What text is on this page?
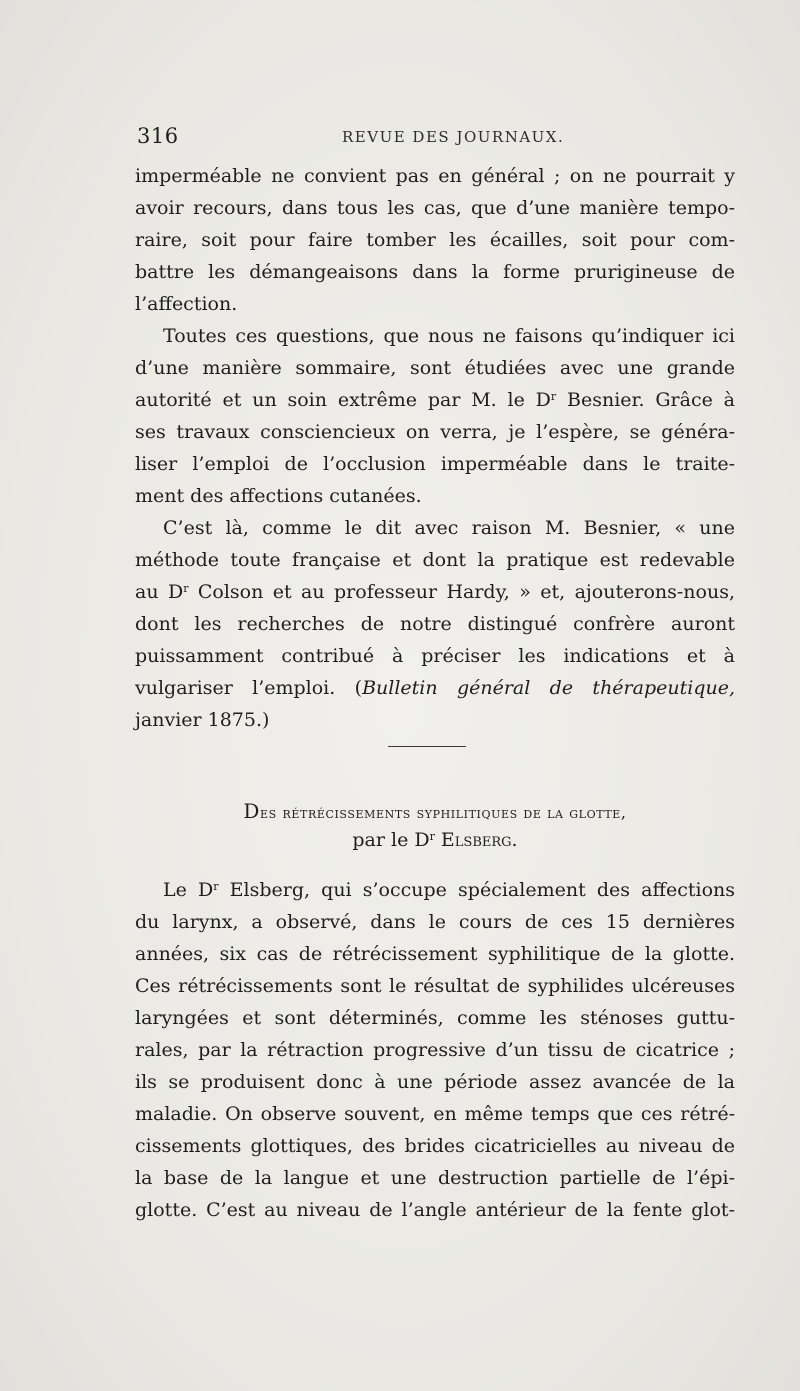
316	REVUE DES JOURNAUX.
imperméable ne convient pas en général ; on ne pourrait y
avoir recours, dans tous les cas, que d’une manière tempo-
raire, soit pour faire tomber les écailles, soit pour com-
battre les démangeaisons dans la forme prurigineuse de
l’affection.
Toutes ces questions, que nous ne faisons qu’indiquer ici
d’une manière sommaire, sont étudiées avec une grande
autorité et un soin extrême par M. le $D^r$ Besnier. Grâce à
ses travaux consciencieux on verra, je l’espère, se généra-
liser l’emploi de l’occlusion imperméable dans le traite-
ment des affections cutanées.
C’est là, comme le dit avec raison M. Besnier, « une
méthode toute française et dont la pratique est redevable
au $D^r$ Colson et au professeur Hardy, » et, ajouterons-nous,
dont les recherches de notre distingué confrère auront
puissamment contribué à préciser les indications et à
vulgariser l’emploi. (Bulletin général de thérapeutique,
janvier 1875.)
Des rétrécissements syphilitiques de la glotte,
par le $D^r$ Elsberg.
Le $D^r$ Elsberg, qui s’occupe spécialement des affections
du larynx, a observé, dans le cours de ces 15 dernières
années, six cas de rétrécissement syphilitique de la glotte.
Ces rétrécissements sont le résultat de syphilides ulcéreuses
laryngées et sont déterminés, comme les sténoses guttu-
rales, par la rétraction progressive d’un tissu de cicatrice ;
ils se produisent donc à une période assez avancée de la
maladie. On observe souvent, en même temps que ces rétré-
cissements glottiques, des brides cicatricielles au niveau de
la base de la langue et une destruction partielle de l’épi-
glotte. C’est au niveau de l’angle antérieur de la fente glot-
